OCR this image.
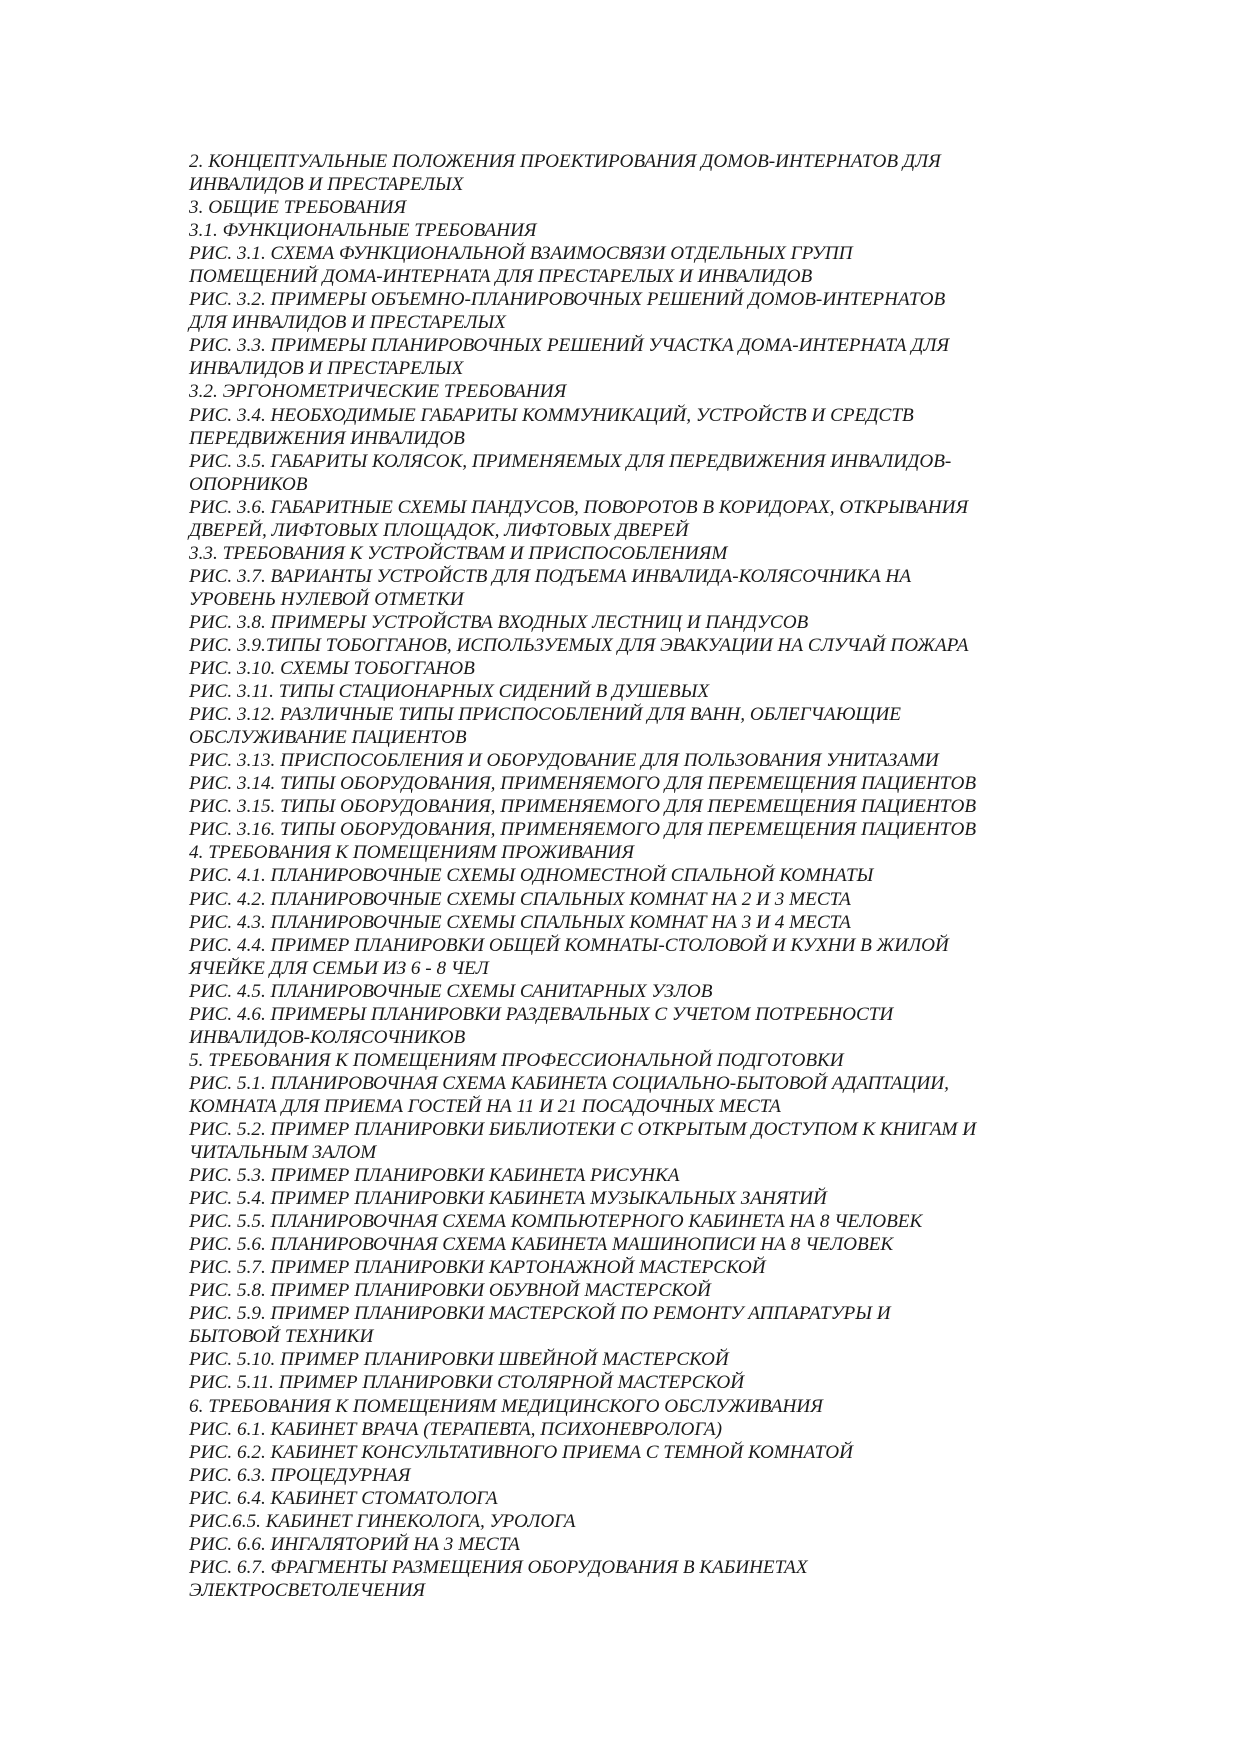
2. КОНЦЕПТУАЛЬНЫЕ ПОЛОЖЕНИЯ ПРОЕКТИРОВАНИЯ ДОМОВ-ИНТЕРНАТОВ ДЛЯ
ИНВАЛИДОВ И ПРЕСТАРЕЛЫХ
3. ОБЩИЕ ТРЕБОВАНИЯ
3.1. ФУНКЦИОНАЛЬНЫЕ ТРЕБОВАНИЯ
РИС. 3.1. СХЕМА ФУНКЦИОНАЛЬНОЙ ВЗАИМОСВЯЗИ ОТДЕЛЬНЫХ ГРУПП
ПОМЕЩЕНИЙ ДОМА-ИНТЕРНАТА ДЛЯ ПРЕСТАРЕЛЫХ И ИНВАЛИДОВ
РИС. 3.2. ПРИМЕРЫ ОБЪЕМНО-ПЛАНИРОВОЧНЫХ РЕШЕНИЙ ДОМОВ-ИНТЕРНАТОВ
ДЛЯ ИНВАЛИДОВ И ПРЕСТАРЕЛЫХ
РИС. 3.3. ПРИМЕРЫ ПЛАНИРОВОЧНЫХ РЕШЕНИЙ УЧАСТКА ДОМА-ИНТЕРНАТА ДЛЯ
ИНВАЛИДОВ И ПРЕСТАРЕЛЫХ
3.2. ЭРГОНОМЕТРИЧЕСКИЕ ТРЕБОВАНИЯ
РИС. 3.4. НЕОБХОДИМЫЕ ГАБАРИТЫ КОММУНИКАЦИЙ, УСТРОЙСТВ И СРЕДСТВ
ПЕРЕДВИЖЕНИЯ ИНВАЛИДОВ
РИС. 3.5. ГАБАРИТЫ КОЛЯСОК, ПРИМЕНЯЕМЫХ ДЛЯ ПЕРЕДВИЖЕНИЯ ИНВАЛИДОВ-
ОПОРНИКОВ
РИС. 3.6. ГАБАРИТНЫЕ СХЕМЫ ПАНДУСОВ, ПОВОРОТОВ В КОРИДОРАХ, ОТКРЫВАНИЯ
ДВЕРЕЙ, ЛИФТОВЫХ ПЛОЩАДОК, ЛИФТОВЫХ ДВЕРЕЙ
3.3. ТРЕБОВАНИЯ К УСТРОЙСТВАМ И ПРИСПОСОБЛЕНИЯМ
РИС. 3.7. ВАРИАНТЫ УСТРОЙСТВ ДЛЯ ПОДЪЕМА ИНВАЛИДА-КОЛЯСОЧНИКА НА
УРОВЕНЬ НУЛЕВОЙ ОТМЕТКИ
РИС. 3.8. ПРИМЕРЫ УСТРОЙСТВА ВХОДНЫХ ЛЕСТНИЦ И ПАНДУСОВ
РИС. 3.9.ТИПЫ ТОБОГГАНОВ, ИСПОЛЬЗУЕМЫХ ДЛЯ ЭВАКУАЦИИ НА СЛУЧАЙ ПОЖАРА
РИС. 3.10. СХЕМЫ ТОБОГГАНОВ
РИС. 3.11. ТИПЫ СТАЦИОНАРНЫХ СИДЕНИЙ В ДУШЕВЫХ
РИС. 3.12. РАЗЛИЧНЫЕ ТИПЫ ПРИСПОСОБЛЕНИЙ ДЛЯ ВАНН, ОБЛЕГЧАЮЩИЕ
ОБСЛУЖИВАНИЕ ПАЦИЕНТОВ
РИС. 3.13. ПРИСПОСОБЛЕНИЯ И ОБОРУДОВАНИЕ ДЛЯ ПОЛЬЗОВАНИЯ УНИТАЗАМИ
РИС. 3.14. ТИПЫ ОБОРУДОВАНИЯ, ПРИМЕНЯЕМОГО ДЛЯ ПЕРЕМЕЩЕНИЯ ПАЦИЕНТОВ
РИС. 3.15. ТИПЫ ОБОРУДОВАНИЯ, ПРИМЕНЯЕМОГО ДЛЯ ПЕРЕМЕЩЕНИЯ ПАЦИЕНТОВ
РИС. 3.16. ТИПЫ ОБОРУДОВАНИЯ, ПРИМЕНЯЕМОГО ДЛЯ ПЕРЕМЕЩЕНИЯ ПАЦИЕНТОВ
4. ТРЕБОВАНИЯ К ПОМЕЩЕНИЯМ ПРОЖИВАНИЯ
РИС. 4.1. ПЛАНИРОВОЧНЫЕ СХЕМЫ ОДНОМЕСТНОЙ СПАЛЬНОЙ КОМНАТЫ
РИС. 4.2. ПЛАНИРОВОЧНЫЕ СХЕМЫ СПАЛЬНЫХ КОМНАТ НА 2 И 3 МЕСТА
РИС. 4.3. ПЛАНИРОВОЧНЫЕ СХЕМЫ СПАЛЬНЫХ КОМНАТ НА 3 И 4 МЕСТА
РИС. 4.4. ПРИМЕР ПЛАНИРОВКИ ОБЩЕЙ КОМНАТЫ-СТОЛОВОЙ И КУХНИ В ЖИЛОЙ
ЯЧЕЙКЕ ДЛЯ СЕМЬИ ИЗ 6 - 8 ЧЕЛ
РИС. 4.5. ПЛАНИРОВОЧНЫЕ СХЕМЫ САНИТАРНЫХ УЗЛОВ
РИС. 4.6. ПРИМЕРЫ ПЛАНИРОВКИ РАЗДЕВАЛЬНЫХ С УЧЕТОМ ПОТРЕБНОСТИ
ИНВАЛИДОВ-КОЛЯСОЧНИКОВ
5. ТРЕБОВАНИЯ К ПОМЕЩЕНИЯМ ПРОФЕССИОНАЛЬНОЙ ПОДГОТОВКИ
РИС. 5.1. ПЛАНИРОВОЧНАЯ СХЕМА КАБИНЕТА СОЦИАЛЬНО-БЫТОВОЙ АДАПТАЦИИ,
КОМНАТА ДЛЯ ПРИЕМА ГОСТЕЙ НА 11 И 21 ПОСАДОЧНЫХ МЕСТА
РИС. 5.2. ПРИМЕР ПЛАНИРОВКИ БИБЛИОТЕКИ С ОТКРЫТЫМ ДОСТУПОМ К КНИГАМ И
ЧИТАЛЬНЫМ ЗАЛОМ
РИС. 5.3. ПРИМЕР ПЛАНИРОВКИ КАБИНЕТА РИСУНКА
РИС. 5.4. ПРИМЕР ПЛАНИРОВКИ КАБИНЕТА МУЗЫКАЛЬНЫХ ЗАНЯТИЙ
РИС. 5.5. ПЛАНИРОВОЧНАЯ СХЕМА КОМПЬЮТЕРНОГО КАБИНЕТА НА 8 ЧЕЛОВЕК
РИС. 5.6. ПЛАНИРОВОЧНАЯ СХЕМА КАБИНЕТА МАШИНОПИСИ НА 8 ЧЕЛОВЕК
РИС. 5.7. ПРИМЕР ПЛАНИРОВКИ КАРТОНАЖНОЙ МАСТЕРСКОЙ
РИС. 5.8. ПРИМЕР ПЛАНИРОВКИ ОБУВНОЙ МАСТЕРСКОЙ
РИС. 5.9. ПРИМЕР ПЛАНИРОВКИ МАСТЕРСКОЙ ПО РЕМОНТУ АППАРАТУРЫ И
БЫТОВОЙ ТЕХНИКИ
РИС. 5.10. ПРИМЕР ПЛАНИРОВКИ ШВЕЙНОЙ МАСТЕРСКОЙ
РИС. 5.11. ПРИМЕР ПЛАНИРОВКИ СТОЛЯРНОЙ МАСТЕРСКОЙ
6. ТРЕБОВАНИЯ К ПОМЕЩЕНИЯМ МЕДИЦИНСКОГО ОБСЛУЖИВАНИЯ
РИС. 6.1. КАБИНЕТ ВРАЧА (ТЕРАПЕВТА, ПСИХОНЕВРОЛОГА)
РИС. 6.2. КАБИНЕТ КОНСУЛЬТАТИВНОГО ПРИЕМА С ТЕМНОЙ КОМНАТОЙ
РИС. 6.3. ПРОЦЕДУРНАЯ
РИС. 6.4. КАБИНЕТ СТОМАТОЛОГА
РИС.6.5. КАБИНЕТ ГИНЕКОЛОГА, УРОЛОГА
РИС. 6.6. ИНГАЛЯТОРИЙ НА 3 МЕСТА
РИС. 6.7. ФРАГМЕНТЫ РАЗМЕЩЕНИЯ ОБОРУДОВАНИЯ В КАБИНЕТАХ
ЭЛЕКТРОСВЕТОЛЕЧЕНИЯ
